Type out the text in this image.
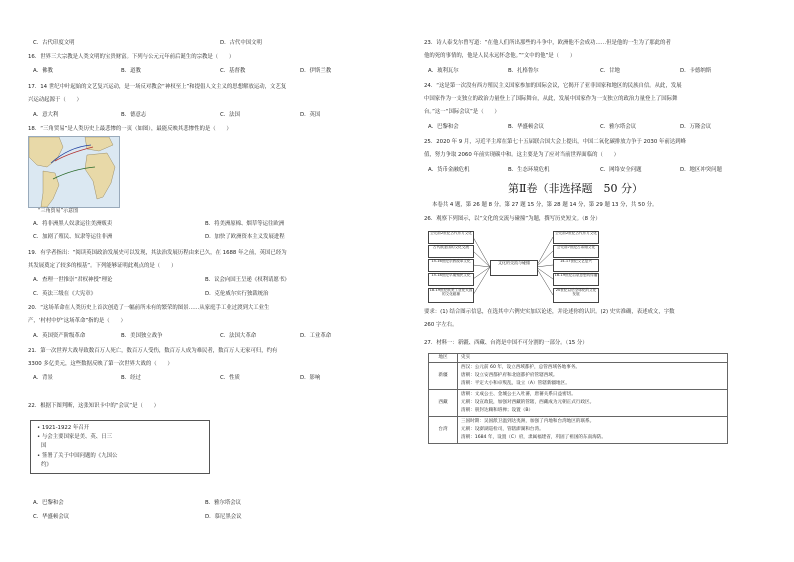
C．古代印度文明	D．古代中国文明
16．世界三大宗教是人类文明的宝贵财富。下列与公元元年前后诞生的宗教是（　　）
A．佛教	B．道教	C．基督教	D．伊斯兰教
17．14 世纪中叶起始的文艺复兴运动，是一场反对教会“神权至上”和提倡人文主义的思想解放运动，文艺复
兴运动起源于（　　）
A．意大利	B．德意志	C．法国	D．英国
18．“三角贸易”是人类历史上最悲惨的一页（如图），最能反映其悲惨性的是（　　）
“三角贸易”示意图
A．将非洲黑人奴隶运往美洲贩卖	B．将美洲原棉、烟草等运往欧洲
C．加剧了殖民、奴隶等运往非洲	D．加快了欧洲资本主义发展进程
19．有学者指出：“阅读英国政治发展史可以发现，其法治发展历程由来已久，在 1688 年之前，英国已经为
其发展奠定了较多的根基”。下列能够证明此观点的是（　　）
A．查理一世推崇“君权神授”理论	B．议会向国王呈递《权利请愿书》
C．英法三级在《大宪章》	D．克伦威尔实行独裁统治
20．“这场革命在人类历史上首次创造了一幅前所未有的繁荣的图景……从家庭手工业过渡到大工业生
产，‘村村中炉’这场革命”指的是（　　）
A．英国资产阶级革命	B．美国独立战争	C．法国大革命	D．工业革命
21．第一次世界大战导致数百万人死亡，数百万人受伤，数百万人成为难民者，数百万人无家可归，约有
3300 多亿美元，这些数据反映了第一次世界大战的（　　）
A．背景	B．经过	C．性质	D．影响
22．根据下图判断，这张知识卡中的“会议”是（　　）
• 1921-1922 年召开
• 与会主要国家是美、英、日三
国
• 签署了关于中国问题的《九国公
约》
A．巴黎和会	B．雅尔塔会议
C．华盛顿会议	D．慕尼黑会议
23．诗人泰戈尔曾写道：“在他人们所出那些的斗争中，欧洲他不会成功……但是他的一生为了那此的者
他的死的事情的，他是人民永远怀念他。”“文中的他”是（　　）
A．玻利瓦尔	B．扎格鲁尔	C．甘地	D．卡德纳斯
24．“这是第一次没有西方殖民主义国家参加的国际会议，它揭开了亚非国家和地区的民族自信。从此，发展
中国家作为一支独立的政治力量登上了国际舞台，从此，发展中国家作为一支独立的政治力量登上了国际舞
台。”这一“国际会议”是（　　）
A．巴黎和会	B．华盛顿会议	C．雅尔塔会议	D．万隆会议
25．2020 年 9 月，习近平主席在第七十五届联合国大会上提出，中国二氧化碳排放力争于 2030 年前达到峰
值，努力争取 2060 年前实现碳中和。这主要是为了应对当前世界面临的（　　）
A．货币金融危机	B．生态环境危机	C．网络安全问题	D．地区冲突问题
第Ⅱ卷（非选择题　50 分）
本卷共 4 题，第 26 题 8 分，第 27 题 15 分，第 28 题 14 分，第 29 题 13 分，共 50 分。
26．观察下列图示，以“文化的交流与碰撞”为题，撰写历史短文。（8 分）
公元前2世纪古代东方文化
古代欧亚国的文化交流
15-16世纪宗教改革文化
15-18世纪早期殖民文化
18-19世纪欧美工业化大国的文化碰撞
文化的交流与碰撞
公元前2世纪古代东方文化
公元前7世纪古希腊文化
14-17世纪文艺复兴
18-19世纪启蒙思想的传播
20世纪以后全球化的文化发展
要求：(1) 结合图示信息，在选其中六例史实加以论述，并论述你的认识。(2) 史实准确，表述成文，字数
260 字左右。
27．材料一：新疆、西藏、台湾是中国不可分割的一部分。（15 分）
地区	史实
新疆	西汉：公元前 60 年，设立西域都护，总管西域各地事务。
唐朝：设立安西都护府和北庭都护府管辖西域。
清朝：平定大小和卓叛乱，设立（A）管辖新疆地区。

西藏	唐朝：文成公主、金城公主入吐蕃，唐蕃关系日益密切。
元朝：设宣政院，加强对西藏的管辖，西藏成为元朝正式行政区。
清朝：册封达赖和班禅；设置（B）

台湾	三国时期：吴国派卫温到达夷洲，加强了内地和台湾地区的联系。
元朝：设澎湖巡检司，管辖澎湖和台湾。
清朝：1684 年，设置（C）府，隶属福建省，巩固了祖国的东南海防。
